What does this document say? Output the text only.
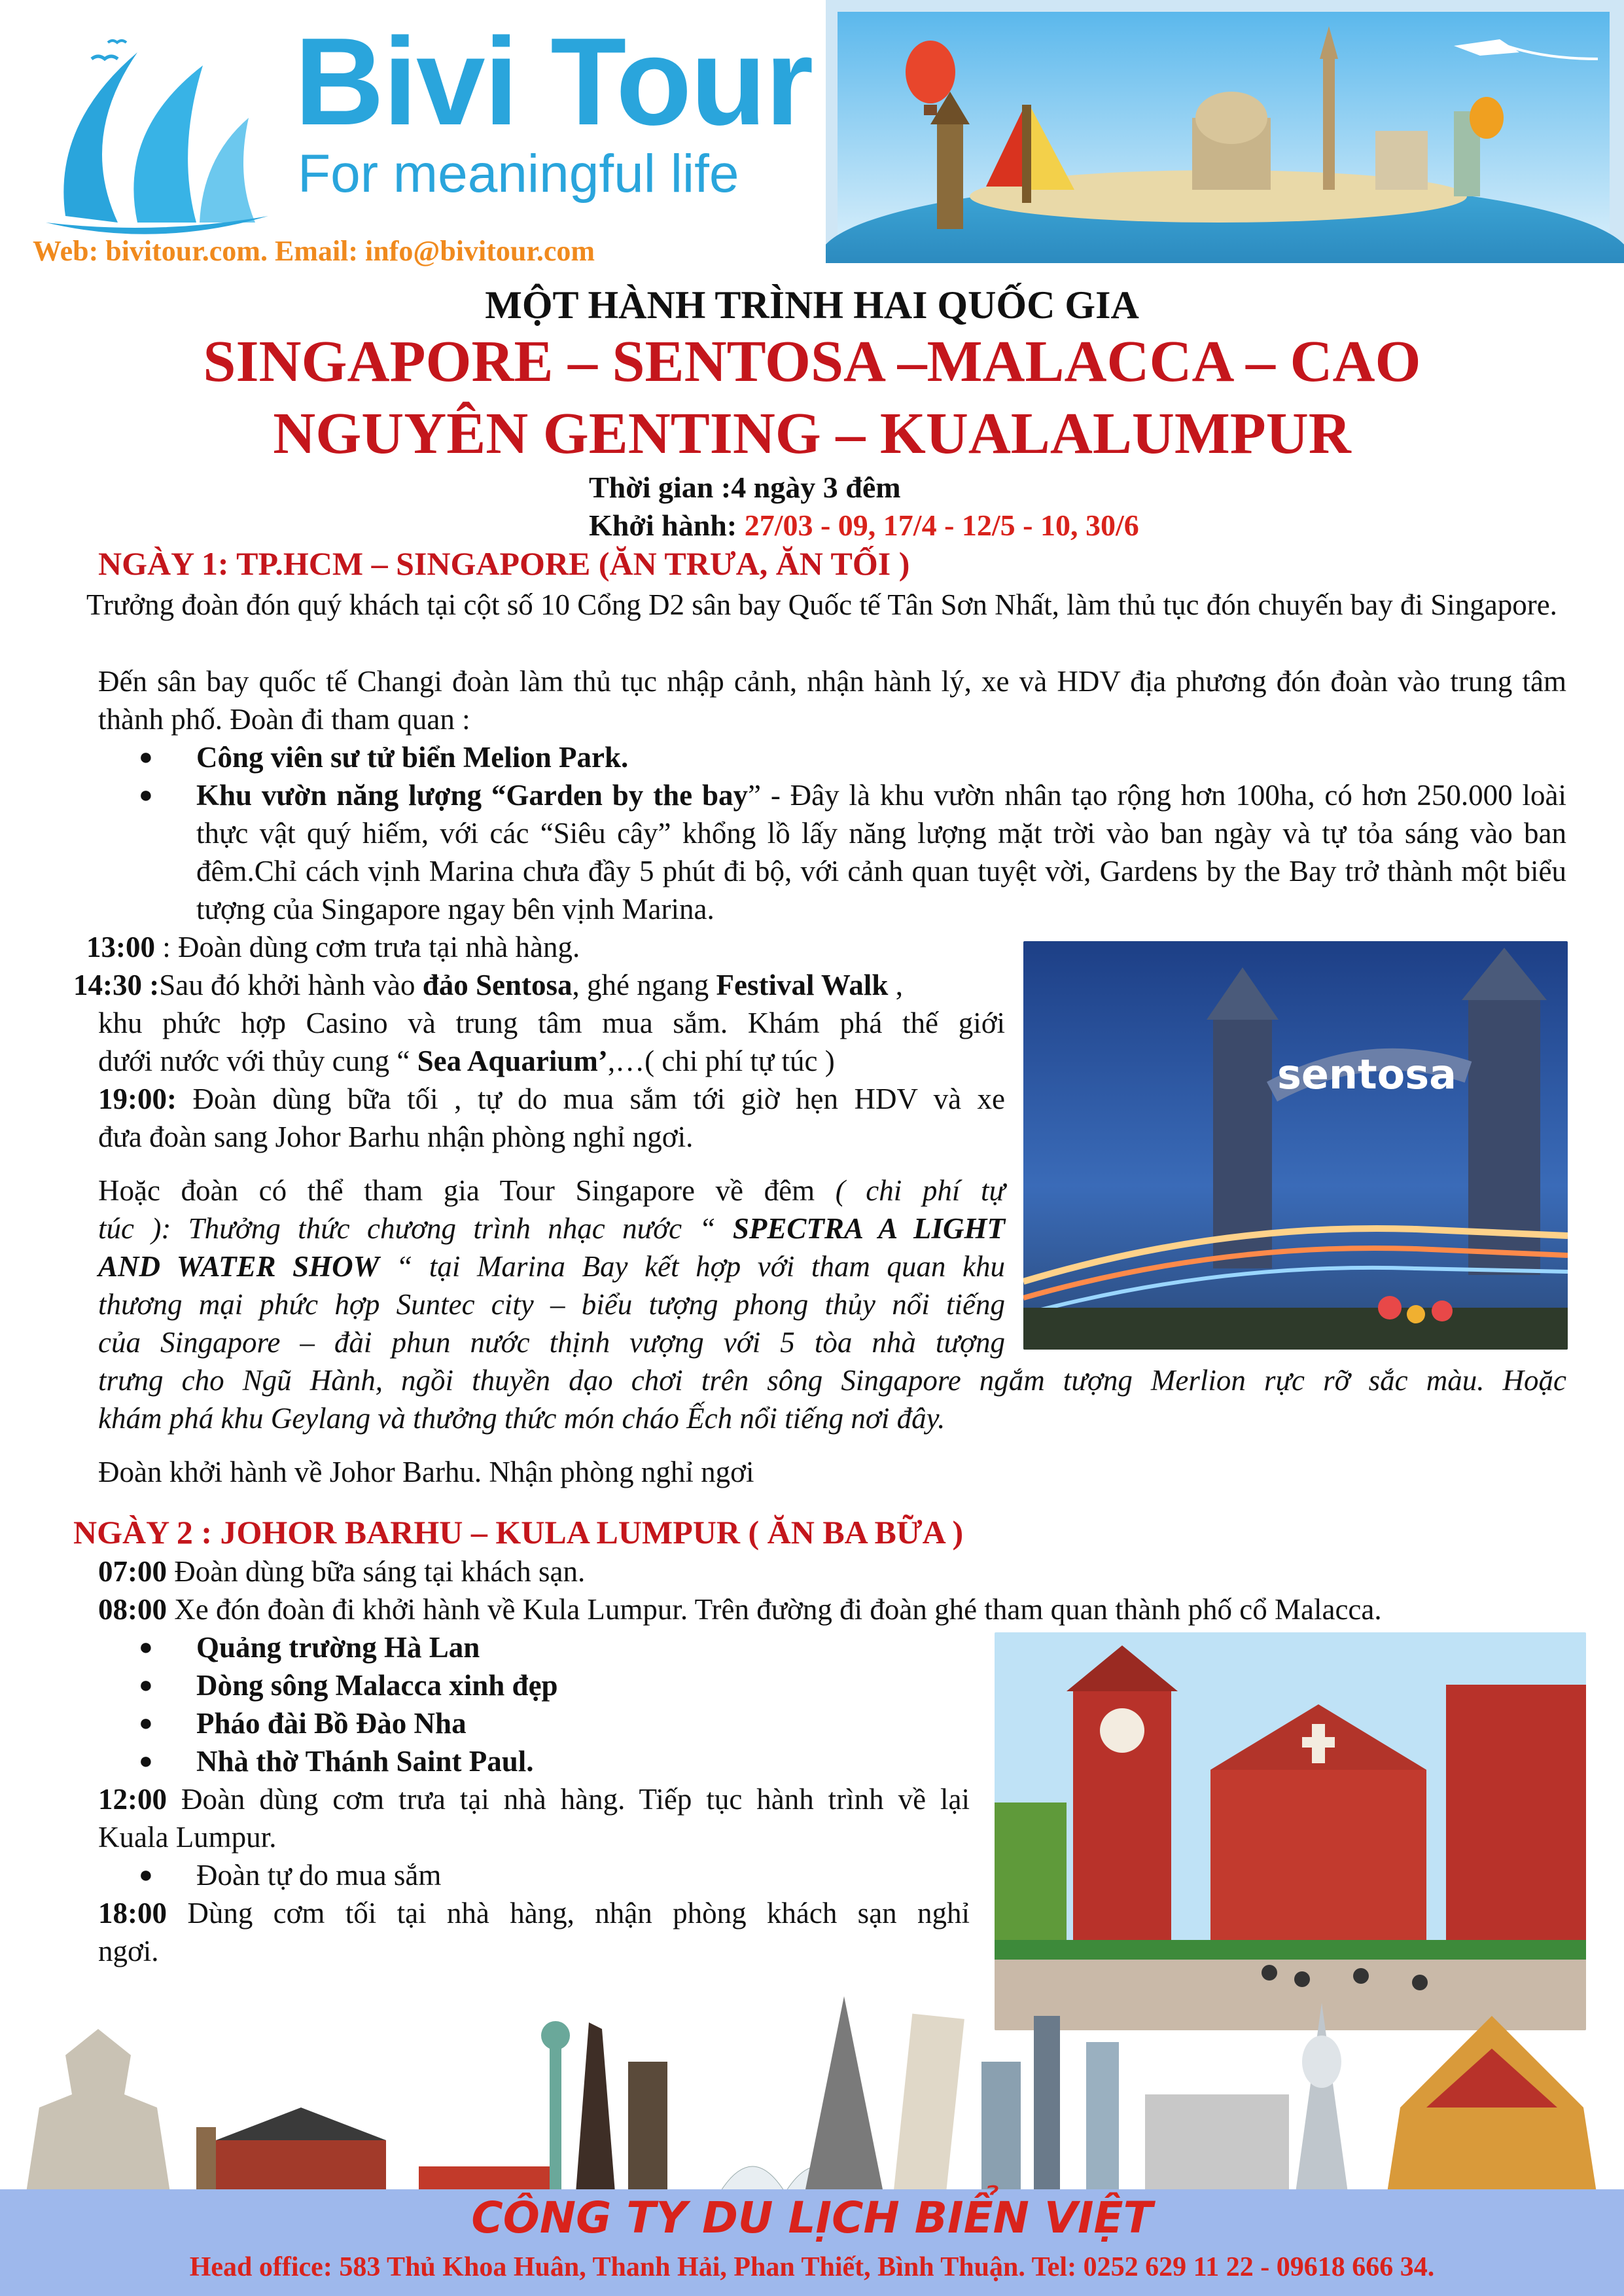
Bivi Tour
For meaningful life
Web: bivitour.com. Email: info@bivitour.com
MỘT HÀNH TRÌNH HAI QUỐC GIA
SINGAPORE – SENTOSA –MALACCA – CAO
NGUYÊN GENTING – KUALALUMPUR
Thời gian :4 ngày 3 đêm
Khởi hành: 27/03 - 09, 17/4 - 12/5 - 10, 30/6
NGÀY 1: TP.HCM – SINGAPORE (ĂN TRƯA, ĂN TỐI )
Trưởng đoàn đón quý khách tại cột số 10 Cổng D2 sân bay Quốc tế Tân Sơn Nhất, làm thủ tục đón chuyến bay đi Singapore.
Đến sân bay quốc tế Changi đoàn làm thủ tục nhập cảnh, nhận hành lý, xe và HDV địa phương đón đoàn vào trung tâm thành phố. Đoàn đi tham quan :
● Công viên sư tử biển Melion Park.
● Khu vườn năng lượng “Garden by the bay” - Đây là khu vườn nhân tạo rộng hơn 100ha, có hơn 250.000 loài thực vật quý hiếm, với các “Siêu cây” khổng lồ lấy năng lượng mặt trời vào ban ngày và tự tỏa sáng vào ban đêm.Chỉ cách vịnh Marina chưa đầy 5 phút đi bộ, với cảnh quan tuyệt vời, Gardens by the Bay trở thành một biểu tượng của Singapore ngay bên vịnh Marina.
13:00 : Đoàn dùng cơm trưa tại nhà hàng.
14:30 :Sau đó khởi hành vào đảo Sentosa, ghé ngang Festival Walk ,
khu phức hợp Casino và trung tâm mua sắm. Khám phá thế giới
dưới nước với thủy cung “ Sea Aquarium’,…( chi phí tự túc )
19:00: Đoàn dùng bữa tối , tự do mua sắm tới giờ hẹn HDV và xe
đưa đoàn sang Johor Barhu nhận phòng nghỉ ngơi.
Hoặc đoàn có thể tham gia Tour Singapore về đêm ( chi phí tự
túc ): Thưởng thức chương trình nhạc nước “ SPECTRA A LIGHT
AND WATER SHOW “ tại Marina Bay kết hợp với tham quan khu
thương mại phức hợp Suntec city – biểu tượng phong thủy nổi tiếng
của Singapore – đài phun nước thịnh vượng với 5 tòa nhà tượng
trưng cho Ngũ Hành, ngồi thuyền dạo chơi trên sông Singapore ngắm tượng Merlion rực rỡ sắc màu. Hoặc
khám phá khu Geylang và thưởng thức món cháo Ếch nổi tiếng nơi đây.
Đoàn khởi hành về Johor Barhu. Nhận phòng nghỉ ngơi
sentosa
NGÀY 2 : JOHOR BARHU – KULA LUMPUR ( ĂN BA BỮA )
07:00 Đoàn dùng bữa sáng tại khách sạn.
08:00 Xe đón đoàn đi khởi hành về Kula Lumpur. Trên đường đi đoàn ghé tham quan thành phố cổ Malacca.
● Quảng trường Hà Lan
● Dòng sông Malacca xinh đẹp
● Pháo đài Bồ Đào Nha
● Nhà thờ Thánh Saint Paul.
12:00 Đoàn dùng cơm trưa tại nhà hàng. Tiếp tục hành trình về lại
Kuala Lumpur.
● Đoàn tự do mua sắm
18:00 Dùng cơm tối tại nhà hàng, nhận phòng khách sạn nghỉ
ngơi.
CÔNG TY DU LỊCH BIỂN VIỆT
Head office: 583 Thủ Khoa Huân, Thanh Hải, Phan Thiết, Bình Thuận. Tel: 0252 629 11 22 - 09618 666 34.
